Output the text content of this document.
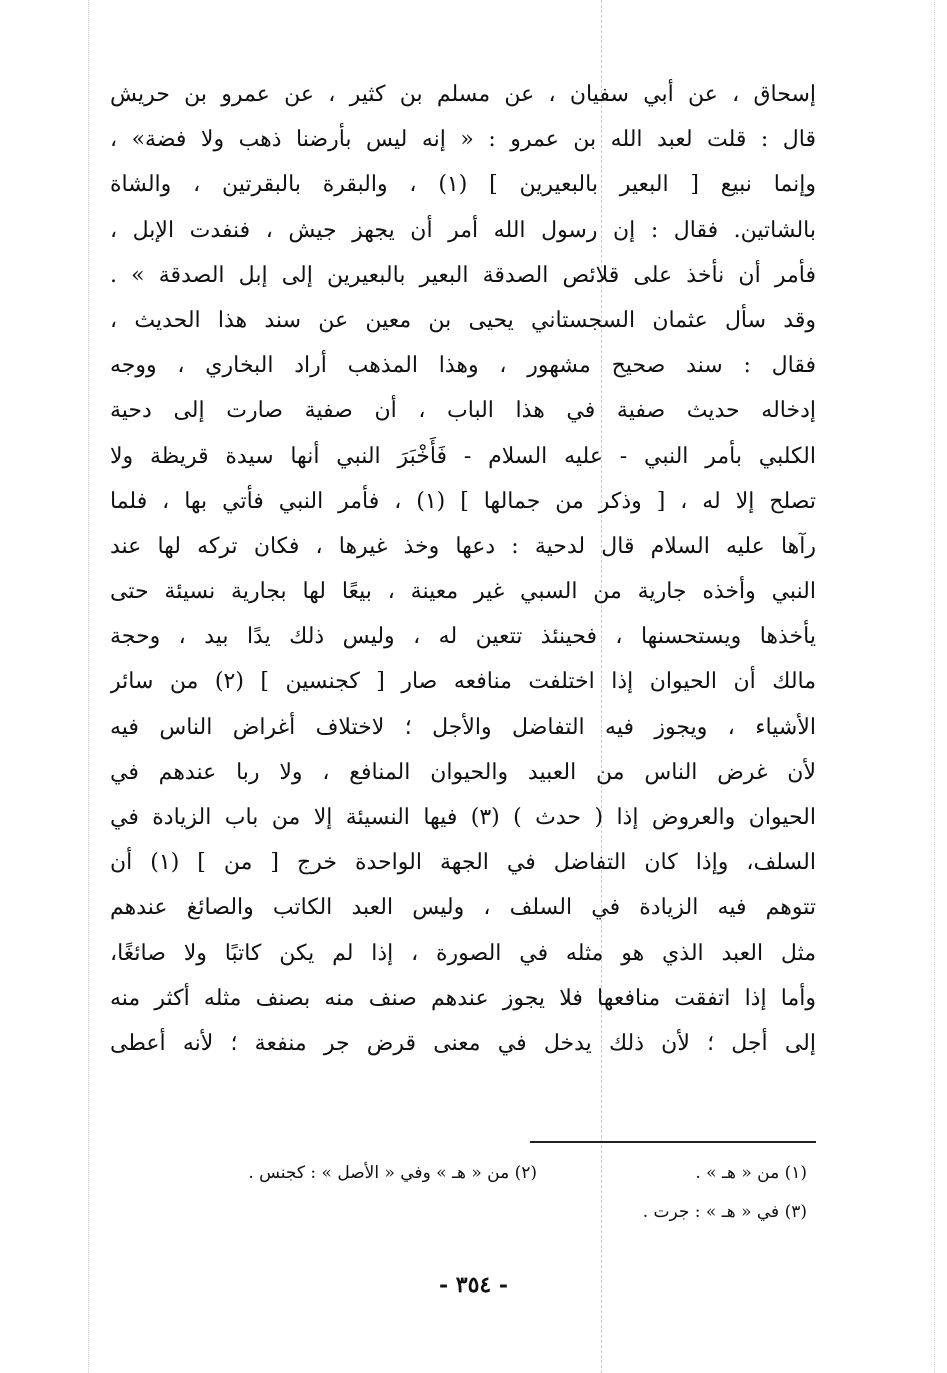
إسحاق ، عن أبي سفيان ، عن مسلم بن كثير ، عن عمرو بن حريش
قال : قلت لعبد الله بن عمرو : « إنه ليس بأرضنا ذهب ولا فضة» ،
وإنما نبيع [ البعير بالبعيرين ] (١) ، والبقرة بالبقرتين ، والشاة
بالشاتين. فقال : إن رسول الله أمر أن يجهز جيش ، فنفدت الإبل ،
فأمر أن نأخذ على قلائص الصدقة البعير بالبعيرين إلى إبل الصدقة » .
وقد سأل عثمان السجستاني يحيى بن معين عن سند هذا الحديث ،
فقال : سند صحيح مشهور ، وهذا المذهب أراد البخاري ، ووجه
إدخاله حديث صفية في هذا الباب ، أن صفية صارت إلى دحية
الكلبي بأمر النبي - عليه السلام - فَأَخْبَرَ النبي أنها سيدة قريظة ولا
تصلح إلا له ، [ وذكر من جمالها ] (١) ، فأمر النبي فأتي بها ، فلما
رآها عليه السلام قال لدحية : دعها وخذ غيرها ، فكان تركه لها عند
النبي وأخذه جارية من السبي غير معينة ، بيعًا لها بجارية نسيئة حتى
يأخذها ويستحسنها ، فحينئذ تتعين له ، وليس ذلك يدًا بيد ، وحجة
مالك أن الحيوان إذا اختلفت منافعه صار [ كجنسين ] (٢) من سائر
الأشياء ، ويجوز فيه التفاضل والأجل ؛ لاختلاف أغراض الناس فيه
لأن غرض الناس من العبيد والحيوان المنافع ، ولا ربا عندهم في
الحيوان والعروض إذا ( حدث ) (٣) فيها النسيئة إلا من باب الزيادة في
السلف، وإذا كان التفاضل في الجهة الواحدة خرج [ من ] (١) أن
تتوهم فيه الزيادة في السلف ، وليس العبد الكاتب والصائغ عندهم
مثل العبد الذي هو مثله في الصورة ، إذا لم يكن كاتبًا ولا صائغًا،
وأما إذا اتفقت منافعها فلا يجوز عندهم صنف منه بصنف مثله أكثر منه
إلى أجل ؛ لأن ذلك يدخل في معنى قرض جر منفعة ؛ لأنه أعطى
(١) من « هـ » .
(٢) من « هـ » وفي « الأصل » : كجنس .
(٣) في « هـ » : جرت .
- ٣٥٤ -
